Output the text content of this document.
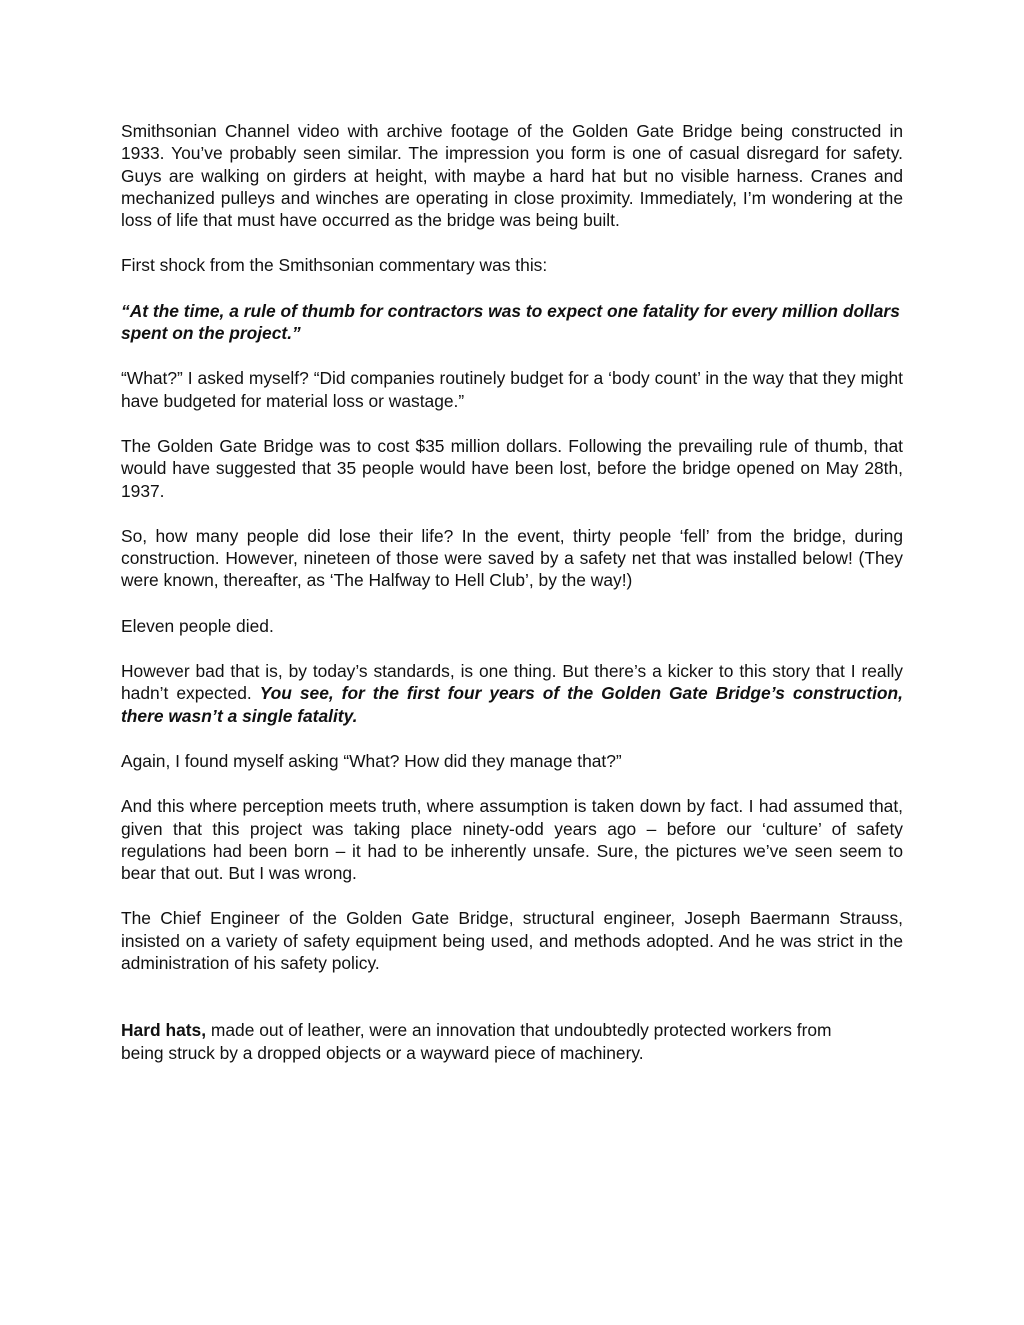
Smithsonian Channel video with archive footage of the Golden Gate Bridge being constructed in 1933. You’ve probably seen similar. The impression you form is one of casual disregard for safety. Guys are walking on girders at height, with maybe a hard hat but no visible harness. Cranes and mechanized pulleys and winches are operating in close proximity. Immediately, I’m wondering at the loss of life that must have occurred as the bridge was being built.

First shock from the Smithsonian commentary was this:

“At the time, a rule of thumb for contractors was to expect one fatality for every million dollars spent on the project.”

“What?” I asked myself? “Did companies routinely budget for a ‘body count’ in the way that they might have budgeted for material loss or wastage.”

The Golden Gate Bridge was to cost $35 million dollars. Following the prevailing rule of thumb, that would have suggested that 35 people would have been lost, before the bridge opened on May 28th, 1937.

So, how many people did lose their life? In the event, thirty people ‘fell’ from the bridge, during construction. However, nineteen of those were saved by a safety net that was installed below! (They were known, thereafter, as ‘The Halfway to Hell Club’, by the way!)

Eleven people died.

However bad that is, by today’s standards, is one thing. But there’s a kicker to this story that I really hadn’t expected. You see, for the first four years of the Golden Gate Bridge’s construction, there wasn’t a single fatality.

Again, I found myself asking “What? How did they manage that?”

And this where perception meets truth, where assumption is taken down by fact. I had assumed that, given that this project was taking place ninety-odd years ago – before our ‘culture’ of safety regulations had been born – it had to be inherently unsafe. Sure, the pictures we’ve seen seem to bear that out. But I was wrong.

The Chief Engineer of the Golden Gate Bridge, structural engineer, Joseph Baermann Strauss, insisted on a variety of safety equipment being used, and methods adopted. And he was strict in the administration of his safety policy.

Hard hats, made out of leather, were an innovation that undoubtedly protected workers from being struck by a dropped objects or a wayward piece of machinery.
